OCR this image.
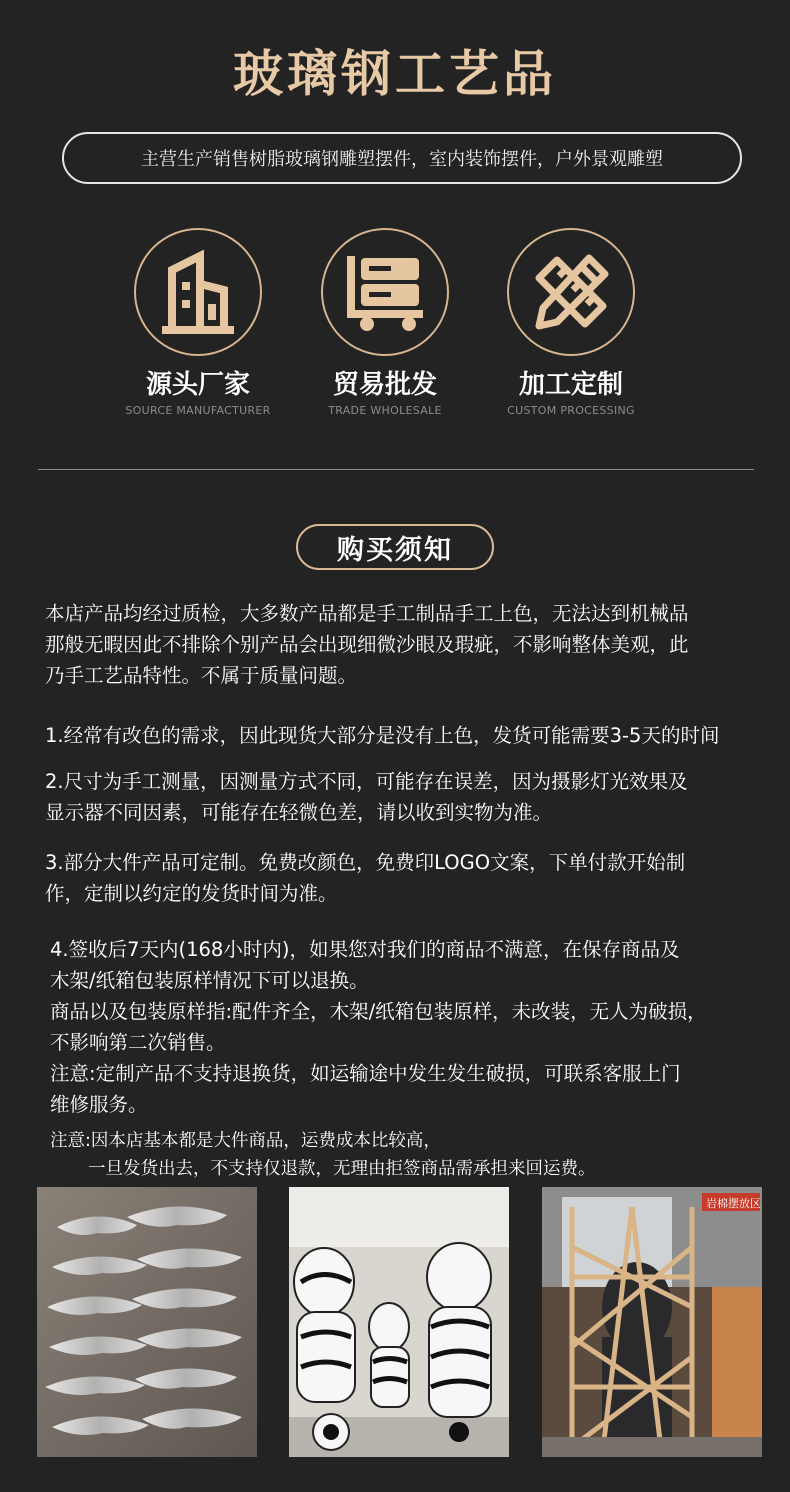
玻璃钢工艺品
主营生产销售树脂玻璃钢雕塑摆件，室内装饰摆件，户外景观雕塑
源头厂家
SOURCE MANUFACTURER
贸易批发
TRADE WHOLESALE
加工定制
CUSTOM PROCESSING
购买须知
本店产品均经过质检，大多数产品都是手工制品手工上色，无法达到机械品
那般无暇因此不排除个别产品会出现细微沙眼及瑕疵，不影响整体美观，此
乃手工艺品特性。不属于质量问题。
1.经常有改色的需求，因此现货大部分是没有上色，发货可能需要3-5天的时间
2.尺寸为手工测量，因测量方式不同，可能存在误差，因为摄影灯光效果及
显示器不同因素，可能存在轻微色差，请以收到实物为准。
3.部分大件产品可定制。免费改颜色，免费印LOGO文案，下单付款开始制
作，定制以约定的发货时间为准。
4.签收后7天内(168小时内)，如果您对我们的商品不满意，在保存商品及
木架/纸箱包装原样情况下可以退换。
商品以及包装原样指:配件齐全，木架/纸箱包装原样，未改装，无人为破损，
不影响第二次销售。
注意:定制产品不支持退换货，如运输途中发生发生破损，可联系客服上门
维修服务。
注意:因本店基本都是大件商品，运费成本比较高，
一旦发货出去，不支持仅退款，无理由拒签商品需承担来回运费。
岩棉摆放区
